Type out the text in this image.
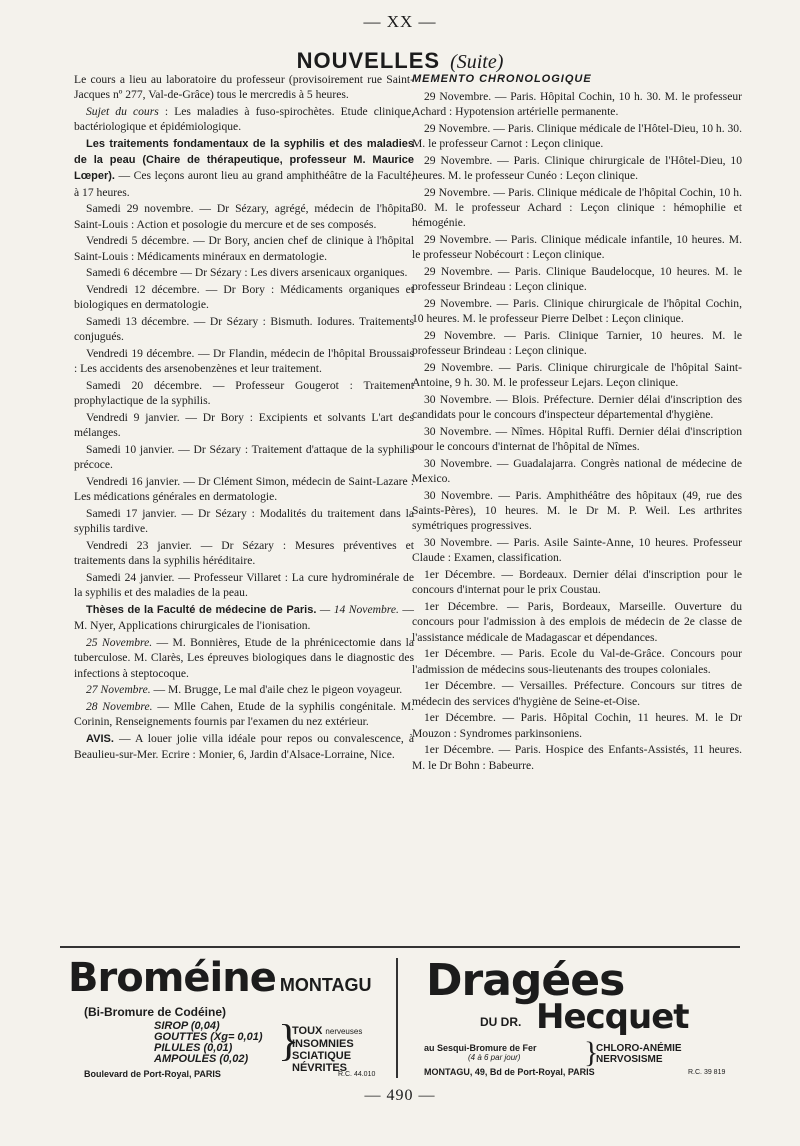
— XX —
NOUVELLES (Suite)

Le cours a lieu au laboratoire du professeur (provisoirement rue Saint-Jacques nº 277, Val-de-Grâce) tous le mercredis à 5 heures.

Sujet du cours : Les maladies à fuso-spirochètes. Etude clinique, bactériologique et épidémiologique.

Les traitements fondamentaux de la syphilis et des maladies de la peau (Chaire de thérapeutique, professeur M. Maurice Lœper). — Ces leçons auront lieu au grand amphithéâtre de la Faculté, à 17 heures.

Samedi 29 novembre. — Dr Sézary, agrégé, médecin de l'hôpital Saint-Louis : Action et posologie du mercure et de ses composés.

Vendredi 5 décembre. — Dr Bory, ancien chef de clinique à l'hôpital Saint-Louis : Médicaments minéraux en dermatologie.

Samedi 6 décembre — Dr Sézary : Les divers arsenicaux organiques.

Vendredi 12 décembre. — Dr Bory : Médicaments organiques et biologiques en dermatologie.

Samedi 13 décembre. — Dr Sézary : Bismuth. Iodures. Traitements conjugués.

Vendredi 19 décembre. — Dr Flandin, médecin de l'hôpital Broussais : Les accidents des arsenobenzènes et leur traitement.

Samedi 20 décembre. — Professeur Gougerot : Traitement prophylactique de la syphilis.

Vendredi 9 janvier. — Dr Bory : Excipients et solvants L'art des mélanges.

Samedi 10 janvier. — Dr Sézary : Traitement d'attaque de la syphilis précoce.

Vendredi 16 janvier. — Dr Clément Simon, médecin de Saint-Lazare : Les médications générales en dermatologie.

Samedi 17 janvier. — Dr Sézary : Modalités du traitement dans la syphilis tardive.

Vendredi 23 janvier. — Dr Sézary : Mesures préventives et traitements dans la syphilis héréditaire.

Samedi 24 janvier. — Professeur Villaret : La cure hydrominérale de la syphilis et des maladies de la peau.

Thèses de la Faculté de médecine de Paris. — 14 Novembre. — M. Nyer, Applications chirurgicales de l'ionisation.

25 Novembre. — M. Bonnières, Etude de la phrénicectomie dans la tuberculose. M. Clarès, Les épreuves biologiques dans le diagnostic des infections à steptocoque.

27 Novembre. — M. Brugge, Le mal d'aile chez le pigeon voyageur.

28 Novembre. — Mlle Cahen, Etude de la syphilis congénitale. M. Corinin, Renseignements fournis par l'examen du nez extérieur.

AVIS. — A louer jolie villa idéale pour repos ou convalescence, à Beaulieu-sur-Mer. Ecrire : Monier, 6, Jardin d'Alsace-Lorraine, Nice.

MEMENTO CHRONOLOGIQUE

29 Novembre. — Paris. Hôpital Cochin, 10 h. 30. M. le professeur Achard : Hypotension artérielle permanente.

29 Novembre. — Paris. Clinique médicale de l'Hôtel-Dieu, 10 h. 30. M. le professeur Carnot : Leçon clinique.

29 Novembre. — Paris. Clinique chirurgicale de l'Hôtel-Dieu, 10 heures. M. le professeur Cunéo : Leçon clinique.

29 Novembre. — Paris. Clinique médicale de l'hôpital Cochin, 10 h. 30. M. le professeur Achard : Leçon clinique : hémophilie et hémogénie.

29 Novembre. — Paris. Clinique médicale infantile, 10 heures. M. le professeur Nobécourt : Leçon clinique.

29 Novembre. — Paris. Clinique Baudelocque, 10 heures. M. le professeur Brindeau : Leçon clinique.

29 Novembre. — Paris. Clinique chirurgicale de l'hôpital Cochin, 10 heures. M. le professeur Pierre Delbet : Leçon clinique.

29 Novembre. — Paris. Clinique Tarnier, 10 heures. M. le professeur Brindeau : Leçon clinique.

29 Novembre. — Paris. Clinique chirurgicale de l'hôpital Saint-Antoine, 9 h. 30. M. le professeur Lejars. Leçon clinique.

30 Novembre. — Blois. Préfecture. Dernier délai d'inscription des candidats pour le concours d'inspecteur départemental d'hygiène.

30 Novembre. — Nîmes. Hôpital Ruffi. Dernier délai d'inscription pour le concours d'internat de l'hôpital de Nîmes.

30 Novembre. — Guadalajarra. Congrès national de médecine de Mexico.

30 Novembre. — Paris. Amphithéâtre des hôpitaux (49, rue des Saints-Pères), 10 heures. M. le Dr M. P. Weil. Les arthrites symétriques progressives.

30 Novembre. — Paris. Asile Sainte-Anne, 10 heures. Professeur Claude : Examen, classification.

1er Décembre. — Bordeaux. Dernier délai d'inscription pour le concours d'internat pour le prix Coustau.

1er Décembre. — Paris, Bordeaux, Marseille. Ouverture du concours pour l'admission à des emplois de médecin de 2e classe de l'assistance médicale de Madagascar et dépendances.

1er Décembre. — Paris. Ecole du Val-de-Grâce. Concours pour l'admission de médecins sous-lieutenants des troupes coloniales.

1er Décembre. — Versailles. Préfecture. Concours sur titres de médecin des services d'hygiène de Seine-et-Oise.

1er Décembre. — Paris. Hôpital Cochin, 11 heures. M. le Dr Mouzon : Syndromes parkinsoniens.

1er Décembre. — Paris. Hospice des Enfants-Assistés, 11 heures. M. le Dr Bohn : Babeurre.

Broméine MONTAGU
(Bi-Bromure de Codéine)
SIROP (0,04)
GOUTTES (Xg= 0,01)
PILULES (0,01)
AMPOULES (0,02) }
TOUX nerveuses
INSOMNIES
SCIATIQUE
NÉVRITES
Boulevard de Port-Royal, PARIS	R.C. 44.010
Dragées
DU DR. Hecquet
au Sesqui-Bromure de Fer
(4 à 6 par jour)	}
CHLORO-ANÉMIE
NERVOSISME
MONTAGU, 49, Bd de Port-Royal, PARIS	R.C. 39 819
— 490 —
